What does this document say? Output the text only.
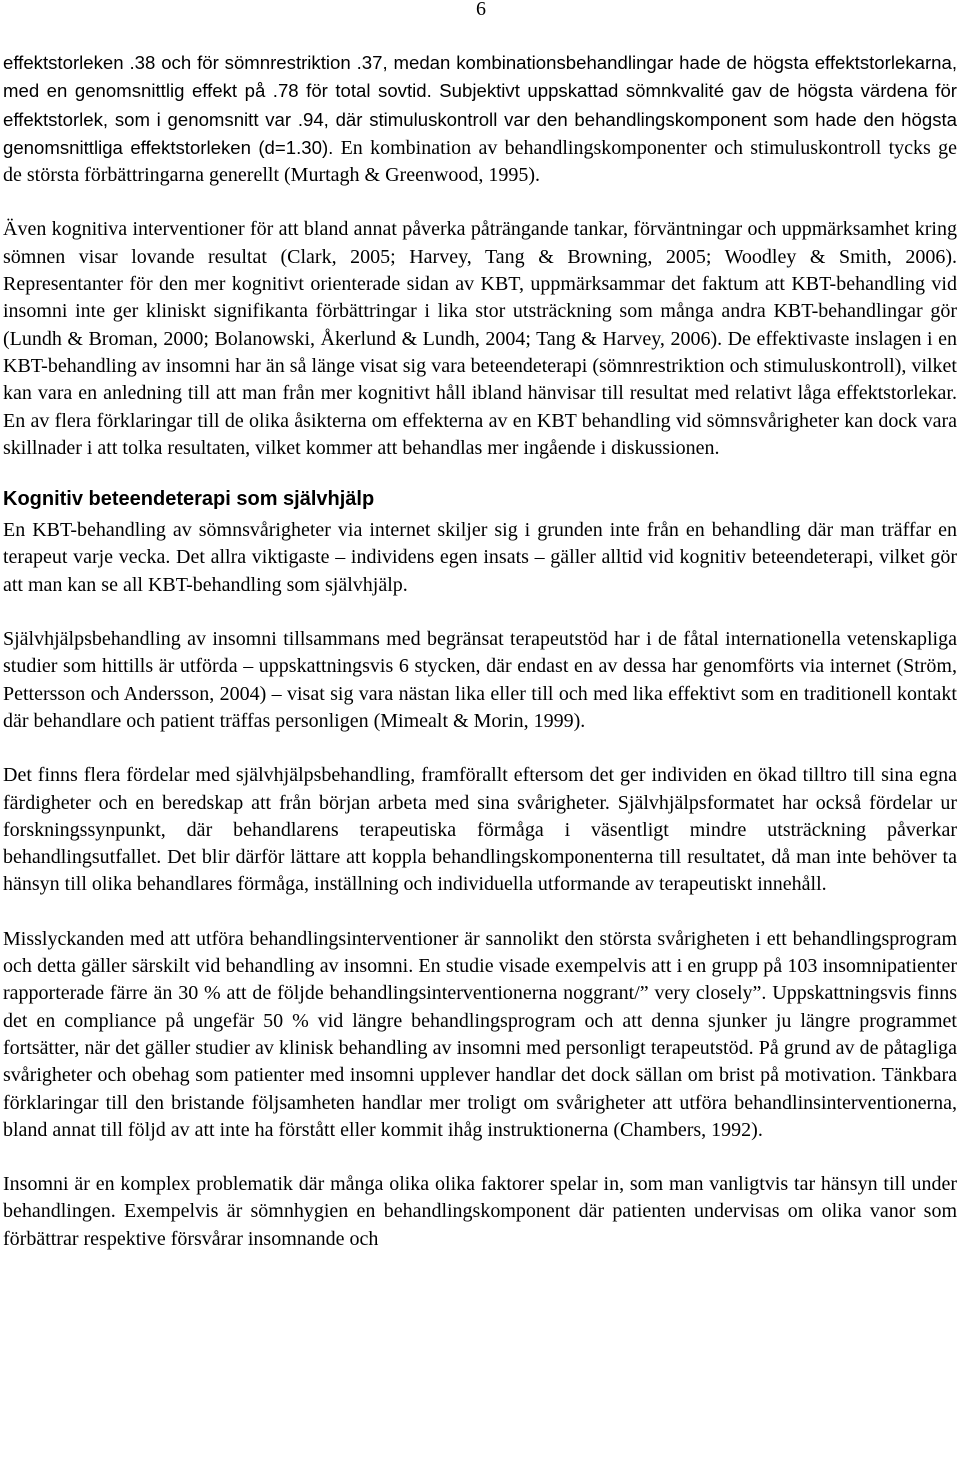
6

effektstorleken .38 och för sömnrestriktion .37, medan kombinationsbehandlingar hade de högsta effektstorlekarna, med en genomsnittlig effekt på .78 för total sovtid. Subjektivt uppskattad sömnkvalité gav de högsta värdena för effektstorlek, som i genomsnitt var .94, där stimuluskontroll var den behandlingskomponent som hade den högsta genomsnittliga effektstorleken (d=1.30). En kombination av behandlingskomponenter och stimuluskontroll tycks ge de största förbättringarna generellt (Murtagh & Greenwood, 1995).

Även kognitiva interventioner för att bland annat påverka påträngande tankar, förväntningar och uppmärksamhet kring sömnen visar lovande resultat (Clark, 2005; Harvey, Tang & Browning, 2005; Woodley & Smith, 2006). Representanter för den mer kognitivt orienterade sidan av KBT, uppmärksammar det faktum att KBT-behandling vid insomni inte ger kliniskt signifikanta förbättringar i lika stor utsträckning som många andra KBT-behandlingar gör (Lundh & Broman, 2000; Bolanowski, Åkerlund & Lundh, 2004; Tang & Harvey, 2006). De effektivaste inslagen i en KBT-behandling av insomni har än så länge visat sig vara beteendeterapi (sömnrestriktion och stimuluskontroll), vilket kan vara en anledning till att man från mer kognitivt håll ibland hänvisar till resultat med relativt låga effektstorlekar. En av flera förklaringar till de olika åsikterna om effekterna av en KBT behandling vid sömnsvårigheter kan dock vara skillnader i att tolka resultaten, vilket kommer att behandlas mer ingående i diskussionen.

Kognitiv beteendeterapi som självhjälp

En KBT-behandling av sömnsvårigheter via internet skiljer sig i grunden inte från en behandling där man träffar en terapeut varje vecka. Det allra viktigaste – individens egen insats – gäller alltid vid kognitiv beteendeterapi, vilket gör att man kan se all KBT-behandling som självhjälp.

Självhjälpsbehandling av insomni tillsammans med begränsat terapeutstöd har i de fåtal internationella vetenskapliga studier som hittills är utförda – uppskattningsvis 6 stycken, där endast en av dessa har genomförts via internet (Ström, Pettersson och Andersson, 2004) – visat sig vara nästan lika eller till och med lika effektivt som en traditionell kontakt där behandlare och patient träffas personligen (Mimealt & Morin, 1999).

Det finns flera fördelar med självhjälpsbehandling, framförallt eftersom det ger individen en ökad tilltro till sina egna färdigheter och en beredskap att från början arbeta med sina svårigheter. Självhjälpsformatet har också fördelar ur forskningssynpunkt, där behandlarens terapeutiska förmåga i väsentligt mindre utsträckning påverkar behandlingsutfallet. Det blir därför lättare att koppla behandlingskomponenterna till resultatet, då man inte behöver ta hänsyn till olika behandlares förmåga, inställning och individuella utformande av terapeutiskt innehåll.

Misslyckanden med att utföra behandlingsinterventioner är sannolikt den största svårigheten i ett behandlingsprogram och detta gäller särskilt vid behandling av insomni. En studie visade exempelvis att i en grupp på 103 insomnipatienter rapporterade färre än 30 % att de följde behandlingsinterventionerna noggrant/” very closely”. Uppskattningsvis finns det en compliance på ungefär 50 % vid längre behandlingsprogram och att denna sjunker ju längre programmet fortsätter, när det gäller studier av klinisk behandling av insomni med personligt terapeutstöd. På grund av de påtagliga svårigheter och obehag som patienter med insomni upplever handlar det dock sällan om brist på motivation. Tänkbara förklaringar till den bristande följsamheten handlar mer troligt om svårigheter att utföra behandlinsinterventionerna, bland annat till följd av att inte ha förstått eller kommit ihåg instruktionerna (Chambers, 1992).

Insomni är en komplex problematik där många olika olika faktorer spelar in, som man vanligtvis tar hänsyn till under behandlingen. Exempelvis är sömnhygien en behandlingskomponent där patienten undervisas om olika vanor som förbättrar respektive försvårar insomnande och
